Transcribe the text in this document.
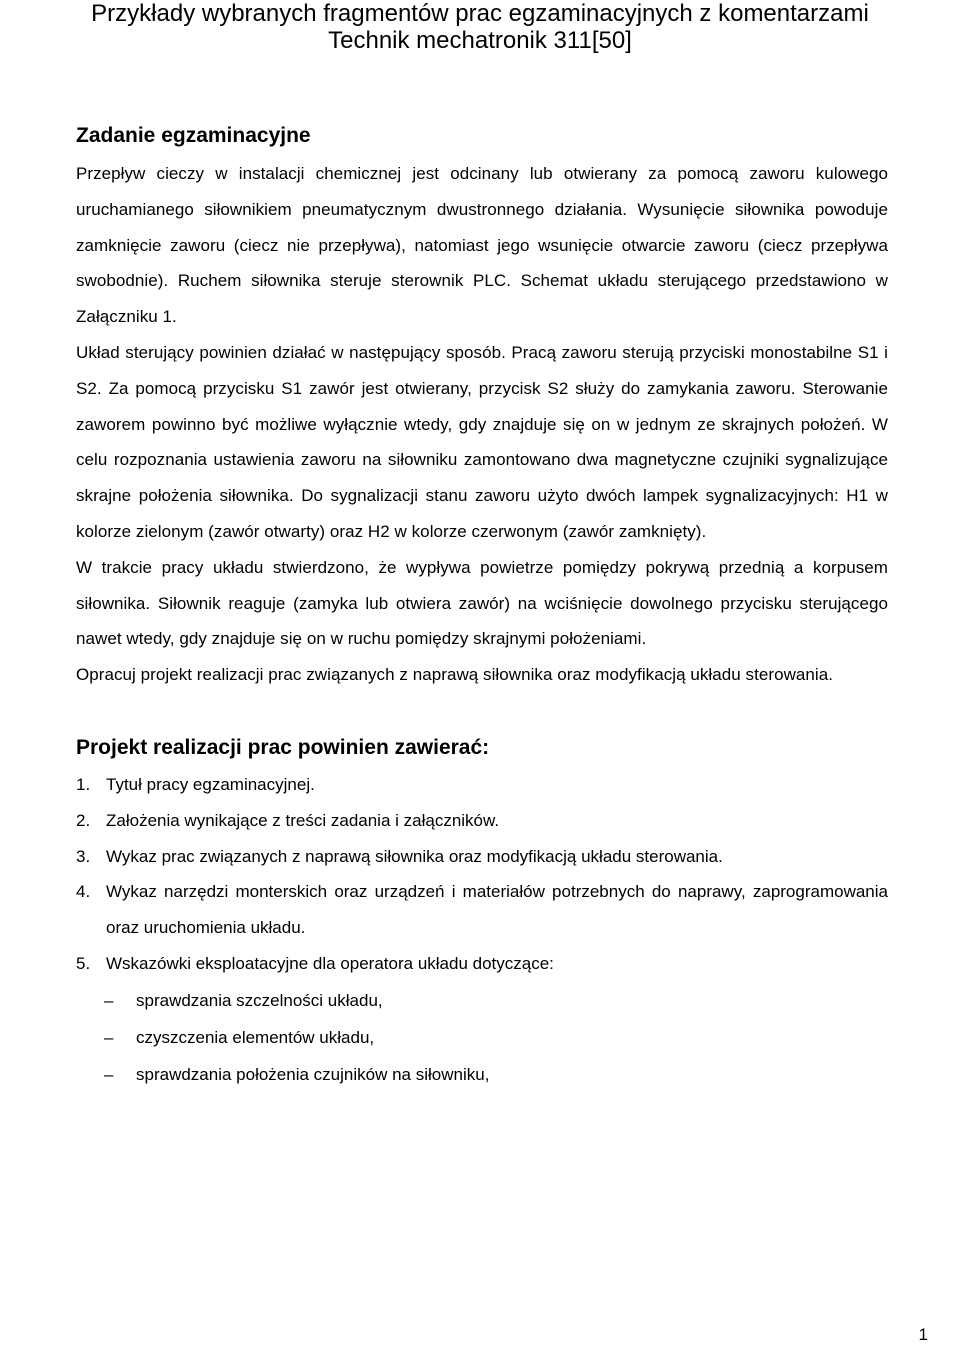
Przykłady wybranych fragmentów prac egzaminacyjnych z komentarzami
Technik mechatronik 311[50]
Zadanie egzaminacyjne

Przepływ cieczy w instalacji chemicznej jest odcinany lub otwierany za pomocą zaworu kulowego uruchamianego siłownikiem pneumatycznym dwustronnego działania. Wysunięcie siłownika powoduje zamknięcie zaworu (ciecz nie przepływa), natomiast jego wsunięcie otwarcie zaworu (ciecz przepływa swobodnie). Ruchem siłownika steruje sterownik PLC. Schemat układu sterującego przedstawiono w Załączniku 1.

Układ sterujący powinien działać w następujący sposób. Pracą zaworu sterują przyciski monostabilne S1 i S2. Za pomocą przycisku S1 zawór jest otwierany, przycisk S2 służy do zamykania zaworu. Sterowanie zaworem powinno być możliwe wyłącznie wtedy, gdy znajduje się on w jednym ze skrajnych położeń. W celu rozpoznania ustawienia zaworu na siłowniku zamontowano dwa magnetyczne czujniki sygnalizujące skrajne położenia siłownika. Do sygnalizacji stanu zaworu użyto dwóch lampek sygnalizacyjnych: H1 w kolorze zielonym (zawór otwarty) oraz H2 w kolorze czerwonym (zawór zamknięty).

W trakcie pracy układu stwierdzono, że wypływa powietrze pomiędzy pokrywą przednią a korpusem siłownika. Siłownik reaguje (zamyka lub otwiera zawór) na wciśnięcie dowolnego przycisku sterującego nawet wtedy, gdy znajduje się on w ruchu pomiędzy skrajnymi położeniami.

Opracuj projekt realizacji prac związanych z naprawą siłownika oraz modyfikacją układu sterowania.

Projekt realizacji prac powinien zawierać:
1. Tytuł pracy egzaminacyjnej.
2. Założenia wynikające z treści zadania i załączników.
3. Wykaz prac związanych z naprawą siłownika oraz modyfikacją układu sterowania.
4. Wykaz narzędzi monterskich oraz urządzeń i materiałów potrzebnych do naprawy, zaprogramowania oraz uruchomienia układu.
5. Wskazówki eksploatacyjne dla operatora układu dotyczące:
– sprawdzania szczelności układu,
– czyszczenia elementów układu,
– sprawdzania położenia czujników na siłowniku,
1
